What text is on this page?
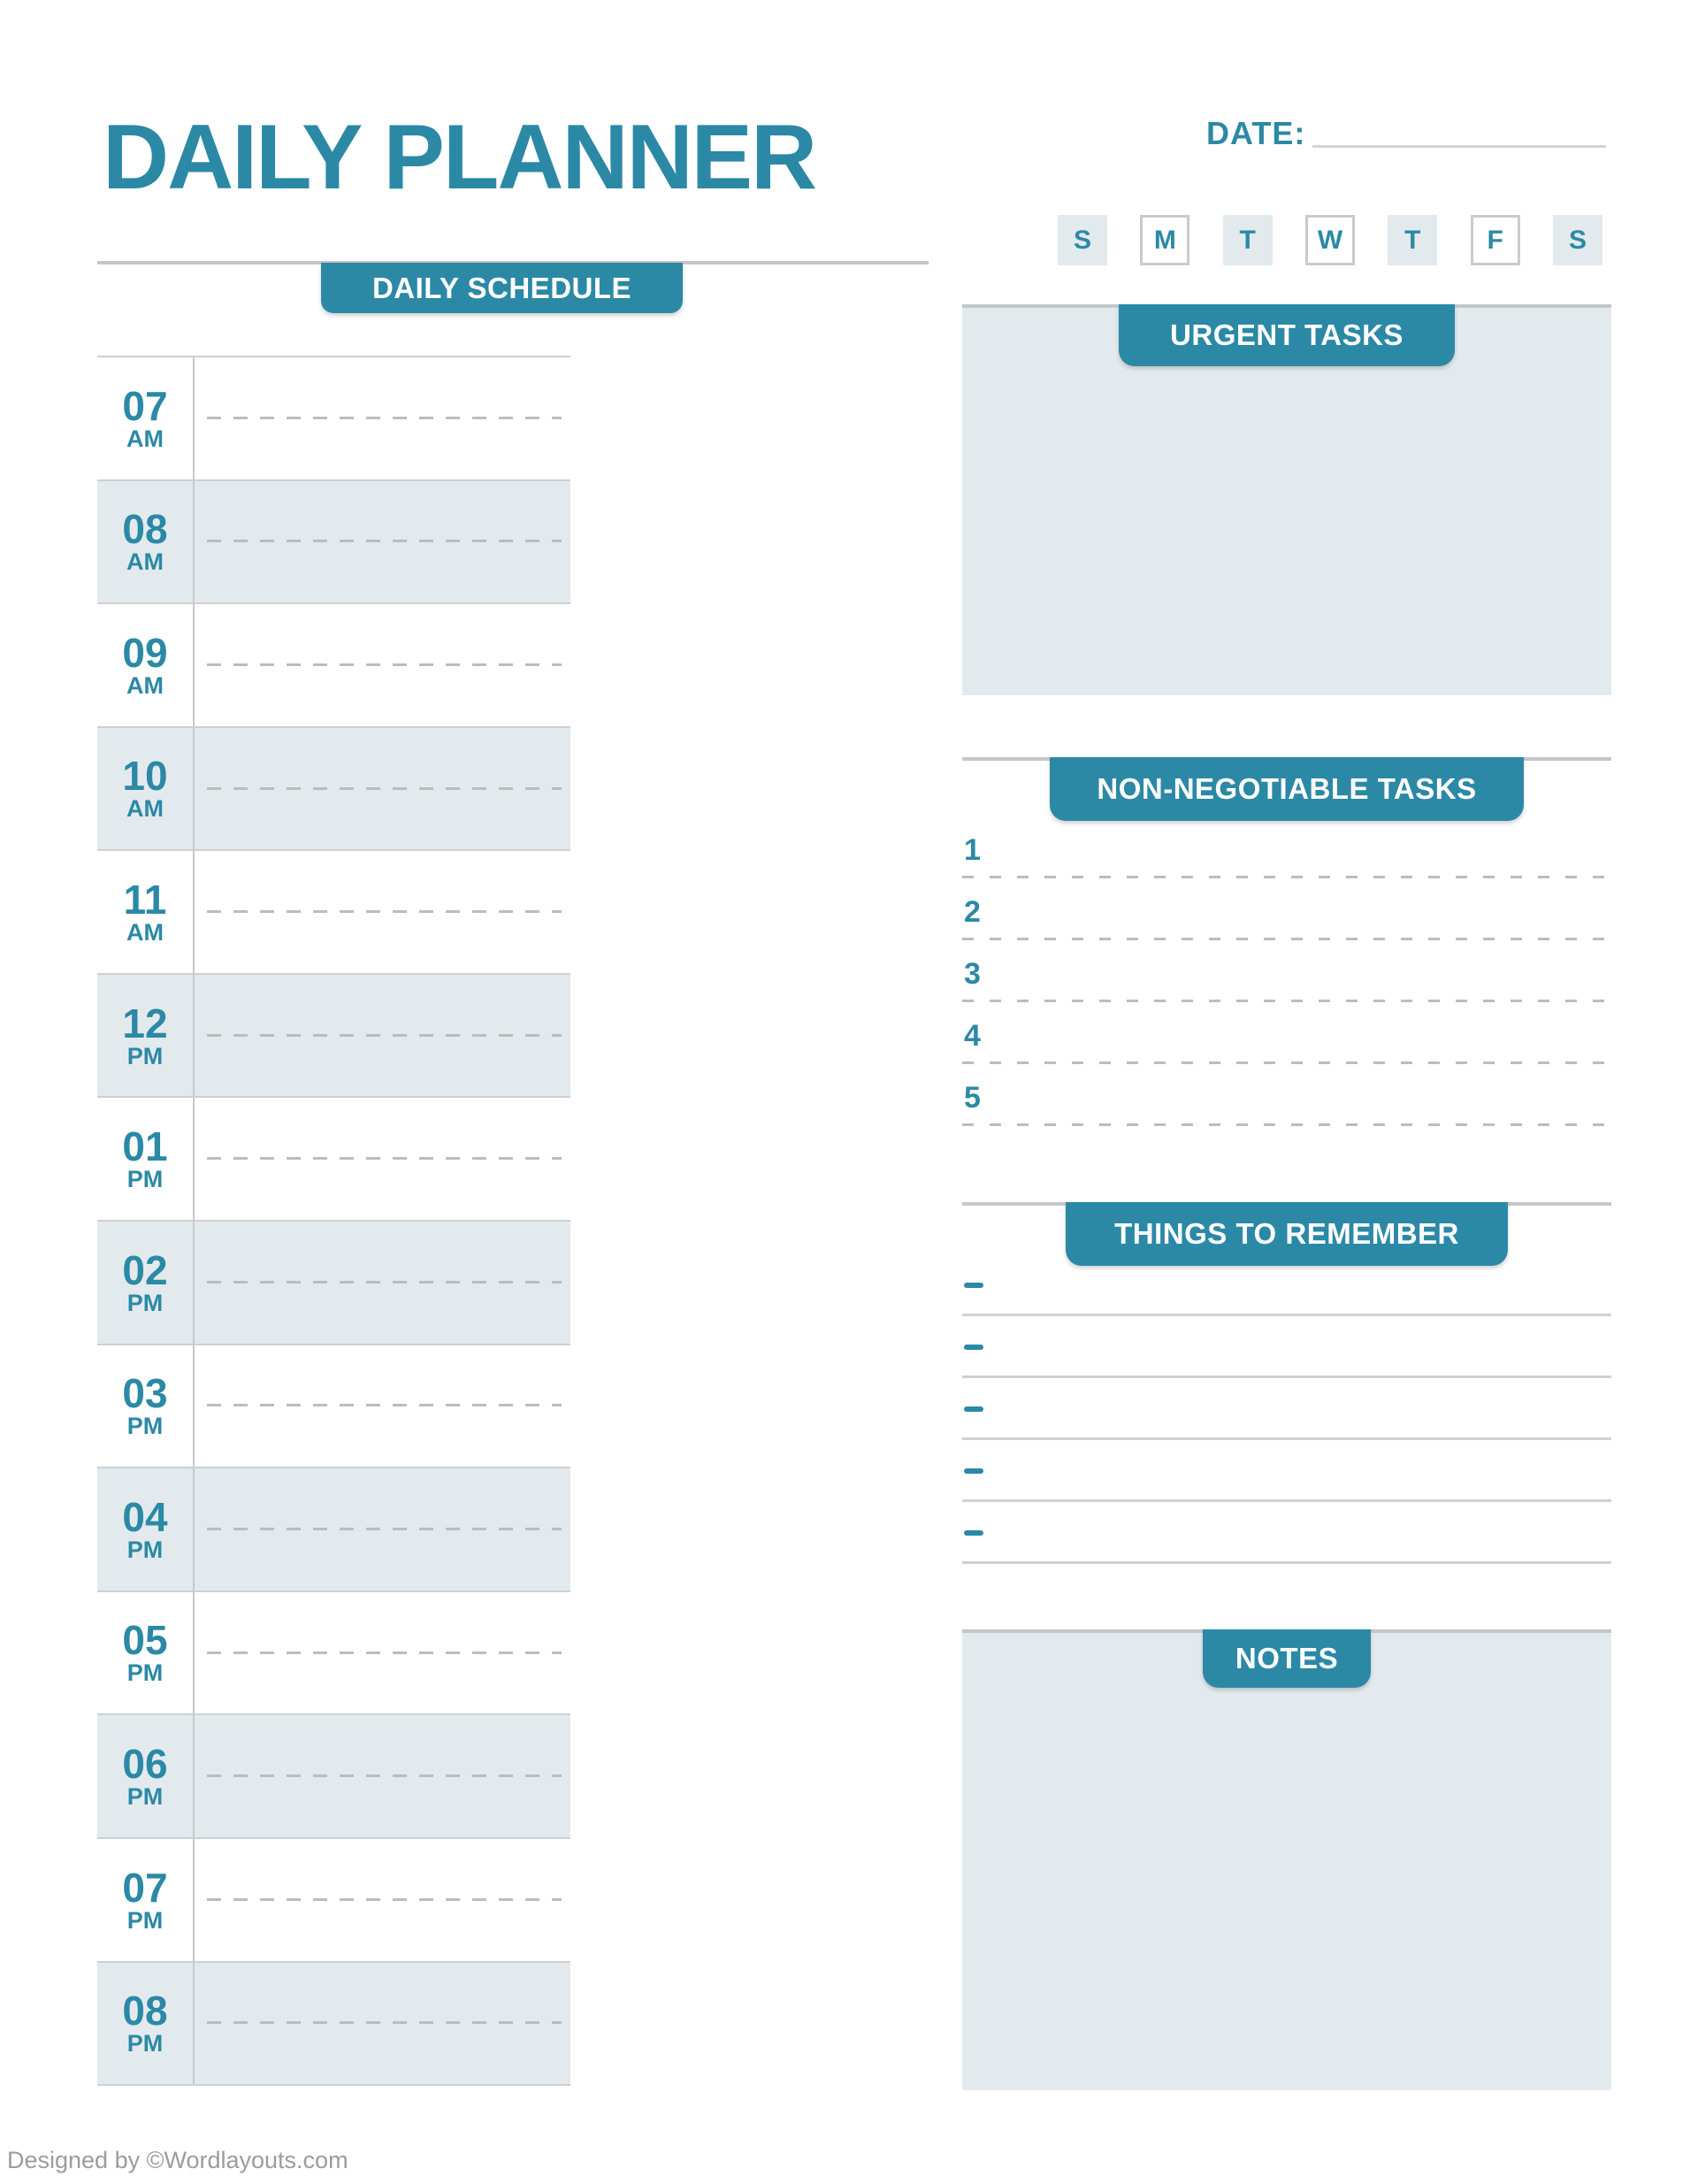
DAILY PLANNER	DATE:
S M T W T	F S
DAILY SCHEDULE
07
AM
08
AM
09
AM
10
AM
11
AM
12
PM
01
PM
02
PM
03
PM
04
PM
05
PM
06
PM
07
PM
08
PM
URGENT TASKS
NON-NEGOTIABLE TASKS
1
2
3
4
5
THINGS TO REMEMBER
NOTES
Designed by ©Wordlayouts.com
